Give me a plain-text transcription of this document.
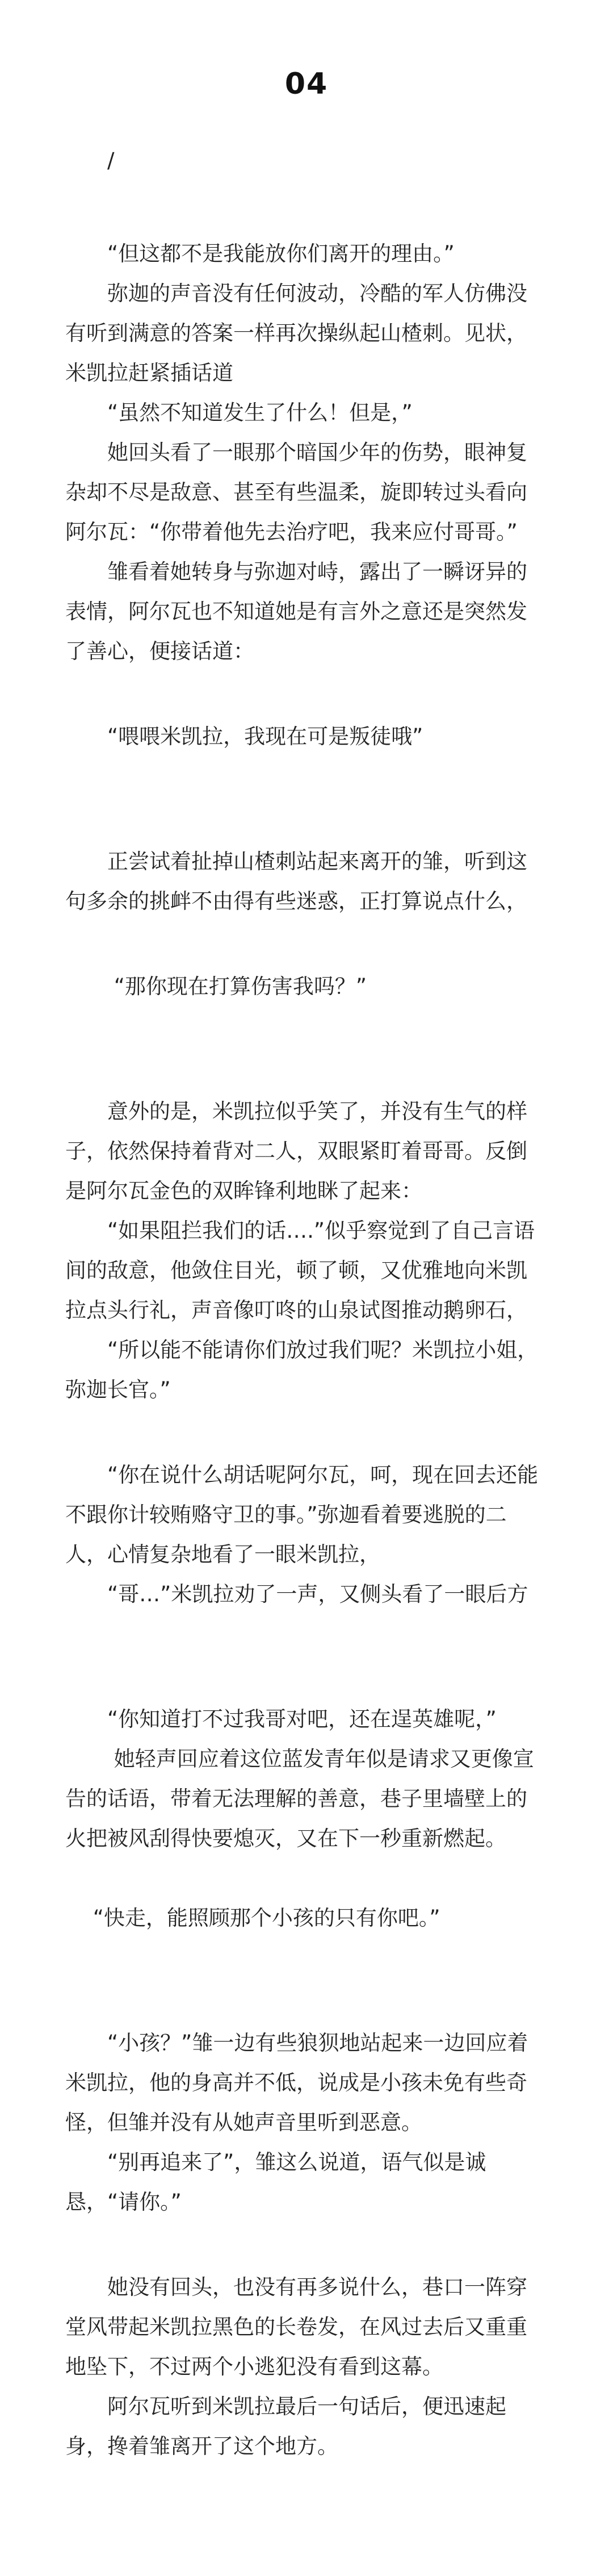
04

　　/

　　“但这都不是我能放你们离开的理由。”

　　弥迦的声音没有任何波动，冷酷的军人仿佛没有听到满意的答案一样再次操纵起山楂刺。见状，米凯拉赶紧插话道

　　“虽然不知道发生了什么！但是，”

　　她回头看了一眼那个暗国少年的伤势，眼神复杂却不尽是敌意、甚至有些温柔，旋即转过头看向阿尔瓦：“你带着他先去治疗吧，我来应付哥哥。”

　　雏看着她转身与弥迦对峙，露出了一瞬讶异的表情，阿尔瓦也不知道她是有言外之意还是突然发了善心，便接话道：

　　“喂喂米凯拉，我现在可是叛徒哦”

　　正尝试着扯掉山楂刺站起来离开的雏，听到这句多余的挑衅不由得有些迷惑，正打算说点什么，

　　 “那你现在打算伤害我吗？”

　　意外的是，米凯拉似乎笑了，并没有生气的样子，依然保持着背对二人，双眼紧盯着哥哥。反倒是阿尔瓦金色的双眸锋利地眯了起来：

　　“如果阻拦我们的话….”似乎察觉到了自己言语间的敌意，他敛住目光，顿了顿，又优雅地向米凯拉点头行礼，声音像叮咚的山泉试图推动鹅卵石，

　　“所以能不能请你们放过我们呢？米凯拉小姐，弥迦长官。”

　　“你在说什么胡话呢阿尔瓦，呵，现在回去还能不跟你计较贿赂守卫的事。”弥迦看着要逃脱的二人，心情复杂地看了一眼米凯拉，

　　“哥…”米凯拉劝了一声，又侧头看了一眼后方

　　“你知道打不过我哥对吧，还在逞英雄呢，”

　　 她轻声回应着这位蓝发青年似是请求又更像宣告的话语，带着无法理解的善意，巷子里墙壁上的火把被风刮得快要熄灭，又在下一秒重新燃起。

　 “快走，能照顾那个小孩的只有你吧。”

　　“小孩？”雏一边有些狼狈地站起来一边回应着米凯拉，他的身高并不低，说成是小孩未免有些奇怪，但雏并没有从她声音里听到恶意。

　　“别再追来了”，雏这么说道，语气似是诚恳，“请你。”

　　她没有回头，也没有再多说什么，巷口一阵穿堂风带起米凯拉黑色的长卷发，在风过去后又重重地坠下，不过两个小逃犯没有看到这幕。

　　阿尔瓦听到米凯拉最后一句话后，便迅速起身，搀着雏离开了这个地方。
